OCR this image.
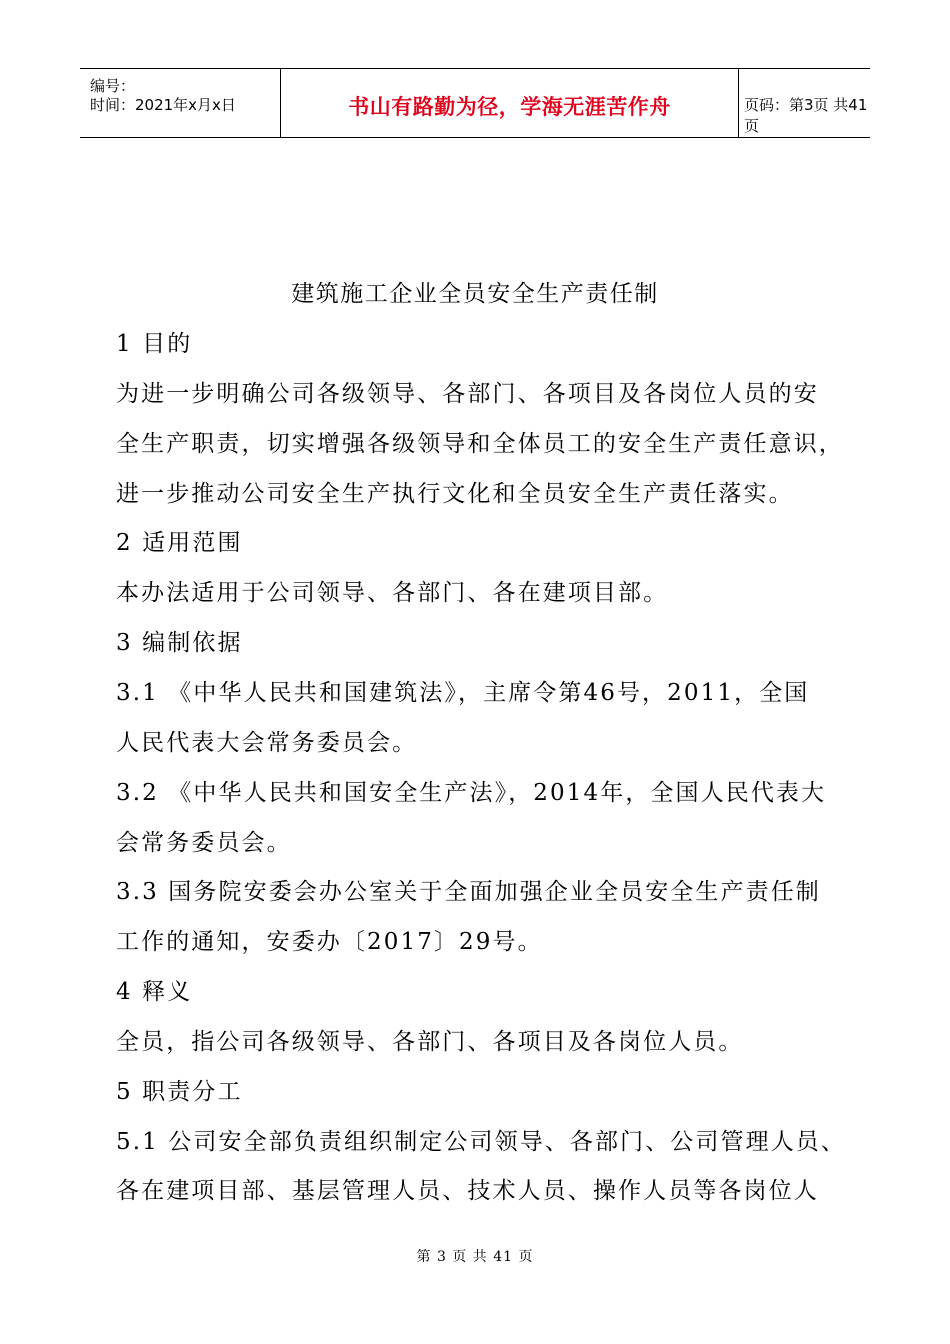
编号：
时间：2021年x月x日	书山有路勤为径，学海无涯苦作舟	页码：第3页 共41页
建筑施工企业全员安全生产责任制
1 目的
为进一步明确公司各级领导、各部门、各项目及各岗位人员的安
全生产职责，切实增强各级领导和全体员工的安全生产责任意识，
进一步推动公司安全生产执行文化和全员安全生产责任落实。
2 适用范围
本办法适用于公司领导、各部门、各在建项目部。
3 编制依据
3.1 《中华人民共和国建筑法》，主席令第46号，2011，全国
人民代表大会常务委员会。
3.2 《中华人民共和国安全生产法》，2014年，全国人民代表大
会常务委员会。
3.3 国务院安委会办公室关于全面加强企业全员安全生产责任制
工作的通知，安委办〔2017〕29号。
4 释义
全员，指公司各级领导、各部门、各项目及各岗位人员。
5 职责分工
5.1 公司安全部负责组织制定公司领导、各部门、公司管理人员、
各在建项目部、基层管理人员、技术人员、操作人员等各岗位人
第 3 页 共 41 页
